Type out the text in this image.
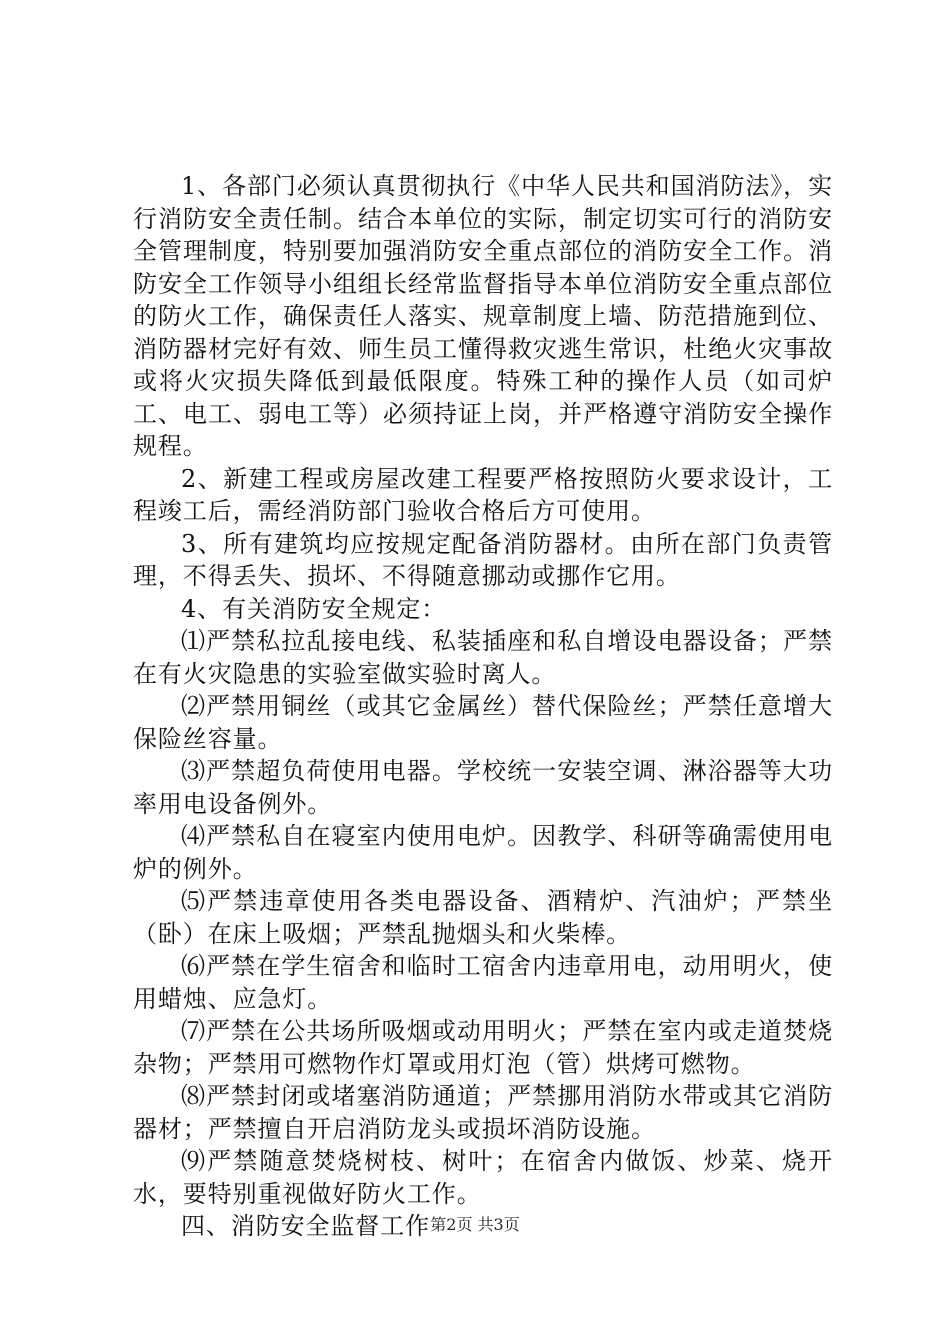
1、各部门必须认真贯彻执行《中华人民共和国消防法》，实行消防安全责任制。结合本单位的实际，制定切实可行的消防安全管理制度，特别要加强消防安全重点部位的消防安全工作。消防安全工作领导小组组长经常监督指导本单位消防安全重点部位的防火工作，确保责任人落实、规章制度上墙、防范措施到位、消防器材完好有效、师生员工懂得救灾逃生常识，杜绝火灾事故或将火灾损失降低到最低限度。特殊工种的操作人员（如司炉工、电工、弱电工等）必须持证上岗，并严格遵守消防安全操作规程。

2、新建工程或房屋改建工程要严格按照防火要求设计，工程竣工后，需经消防部门验收合格后方可使用。

3、所有建筑均应按规定配备消防器材。由所在部门负责管理，不得丢失、损坏、不得随意挪动或挪作它用。

4、有关消防安全规定：

⑴严禁私拉乱接电线、私装插座和私自增设电器设备；严禁在有火灾隐患的实验室做实验时离人。

⑵严禁用铜丝（或其它金属丝）替代保险丝；严禁任意增大保险丝容量。

⑶严禁超负荷使用电器。学校统一安装空调、淋浴器等大功率用电设备例外。

⑷严禁私自在寝室内使用电炉。因教学、科研等确需使用电炉的例外。

⑸严禁违章使用各类电器设备、酒精炉、汽油炉；严禁坐（卧）在床上吸烟；严禁乱抛烟头和火柴棒。

⑹严禁在学生宿舍和临时工宿舍内违章用电，动用明火，使用蜡烛、应急灯。

⑺严禁在公共场所吸烟或动用明火；严禁在室内或走道焚烧杂物；严禁用可燃物作灯罩或用灯泡（管）烘烤可燃物。

⑻严禁封闭或堵塞消防通道；严禁挪用消防水带或其它消防器材；严禁擅自开启消防龙头或损坏消防设施。

⑼严禁随意焚烧树枝、树叶；在宿舍内做饭、炒菜、烧开水，要特别重视做好防火工作。

四、消防安全监督工作 第2页 共3页
